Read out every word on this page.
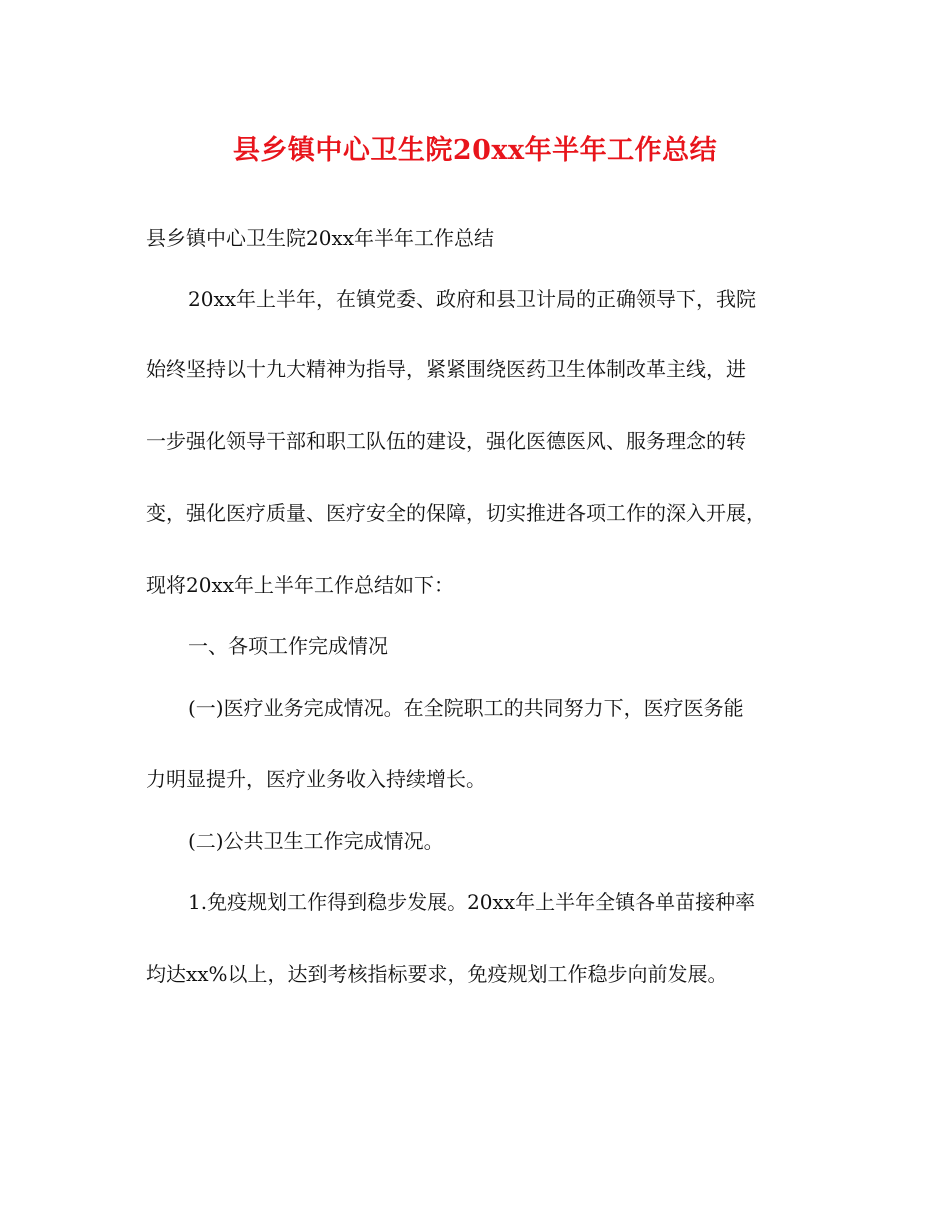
县乡镇中心卫生院20xx年半年工作总结
县乡镇中心卫生院20xx年半年工作总结
20xx年上半年，在镇党委、政府和县卫计局的正确领导下，我院
始终坚持以十九大精神为指导，紧紧围绕医药卫生体制改革主线，进
一步强化领导干部和职工队伍的建设，强化医德医风、服务理念的转
变，强化医疗质量、医疗安全的保障，切实推进各项工作的深入开展，
现将20xx年上半年工作总结如下：
一、各项工作完成情况
(一)医疗业务完成情况。在全院职工的共同努力下，医疗医务能
力明显提升，医疗业务收入持续增长。
(二)公共卫生工作完成情况。
1.免疫规划工作得到稳步发展。20xx年上半年全镇各单苗接种率
均达xx%以上，达到考核指标要求，免疫规划工作稳步向前发展。
